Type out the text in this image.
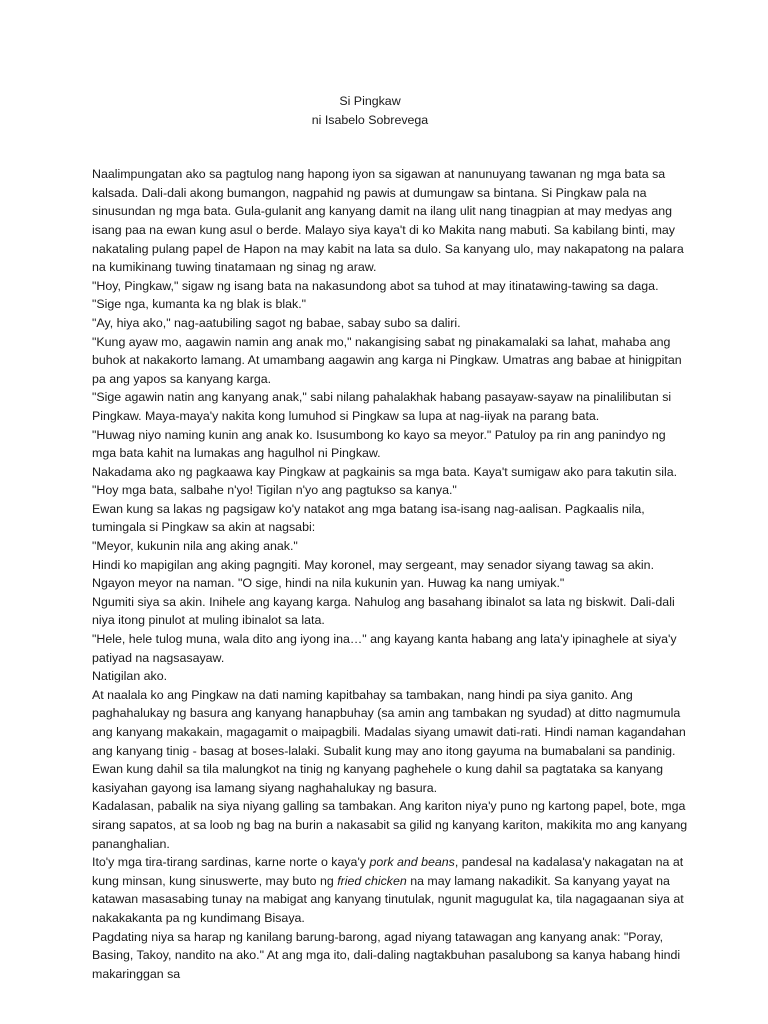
Si Pingkaw
ni Isabelo Sobrevega

Naalimpungatan ako sa pagtulog nang hapong iyon sa sigawan at nanunuyang tawanan ng mga bata sa kalsada. Dali-dali akong bumangon, nagpahid ng pawis at dumungaw sa bintana. Si Pingkaw pala na sinusundan ng mga bata. Gula-gulanit ang kanyang damit na ilang ulit nang tinagpian at may medyas ang isang paa na ewan kung asul o berde. Malayo siya kaya't di ko Makita nang mabuti. Sa kabilang binti, may nakataling pulang papel de Hapon na may kabit na lata sa dulo. Sa kanyang ulo, may nakapatong na palara na kumikinang tuwing tinatamaan ng sinag ng araw.

"Hoy, Pingkaw," sigaw ng isang bata na nakasundong abot sa tuhod at may itinatawing-tawing sa daga. "Sige nga, kumanta ka ng blak is blak."

"Ay, hiya ako," nag-aatubiling sagot ng babae, sabay subo sa daliri.

"Kung ayaw mo, aagawin namin ang anak mo," nakangising sabat ng pinakamalaki sa lahat, mahaba ang buhok at nakakorto lamang. At umambang aagawin ang karga ni Pingkaw. Umatras ang babae at hinigpitan pa ang yapos sa kanyang karga.

"Sige agawin natin ang kanyang anak," sabi nilang pahalakhak habang pasayaw-sayaw na pinalilibutan si Pingkaw. Maya-maya'y nakita kong lumuhod si Pingkaw sa lupa at nag-iiyak na parang bata.

"Huwag niyo naming kunin ang anak ko. Isusumbong ko kayo sa meyor." Patuloy pa rin ang panindyo ng mga bata kahit na lumakas ang hagulhol ni Pingkaw.

Nakadama ako ng pagkaawa kay Pingkaw at pagkainis sa mga bata. Kaya't sumigaw ako para takutin sila. "Hoy mga bata, salbahe n'yo! Tigilan n'yo ang pagtukso sa kanya."

Ewan kung sa lakas ng pagsigaw ko'y natakot ang mga batang isa-isang nag-aalisan. Pagkaalis nila, tumingala si Pingkaw sa akin at nagsabi:

"Meyor, kukunin nila ang aking anak."

Hindi ko mapigilan ang aking pagngiti. May koronel, may sergeant, may senador siyang tawag sa akin. Ngayon meyor na naman. "O sige, hindi na nila kukunin yan. Huwag ka nang umiyak."

Ngumiti siya sa akin. Inihele ang kayang karga. Nahulog ang basahang ibinalot sa lata ng biskwit. Dali-dali niya itong pinulot at muling ibinalot sa lata.

"Hele, hele tulog muna, wala dito ang iyong ina…" ang kayang kanta habang ang lata'y ipinaghele at siya'y patiyad na nagsasayaw.

Natigilan ako.

At naalala ko ang Pingkaw na dati naming kapitbahay sa tambakan, nang hindi pa siya ganito. Ang paghahalukay ng basura ang kanyang hanapbuhay (sa amin ang tambakan ng syudad) at ditto nagmumula ang kanyang makakain, magagamit o maipagbili. Madalas siyang umawit dati-rati. Hindi naman kagandahan ang kanyang tinig - basag at boses-lalaki. Subalit kung may ano itong gayuma na bumabalani sa pandinig. Ewan kung dahil sa tila malungkot na tinig ng kanyang paghehele o kung dahil sa pagtataka sa kanyang kasiyahan gayong isa lamang siyang naghahalukay ng basura.

Kadalasan, pabalik na siya niyang galling sa tambakan. Ang kariton niya'y puno ng kartong papel, bote, mga sirang sapatos, at sa loob ng bag na burin a nakasabit sa gilid ng kanyang kariton, makikita mo ang kanyang pananghalian.

Ito'y mga tira-tirang sardinas, karne norte o kaya'y pork and beans, pandesal na kadalasa'y nakagatan na at kung minsan, kung sinuswerte, may buto ng fried chicken na may lamang nakadikit. Sa kanyang yayat na katawan masasabing tunay na mabigat ang kanyang tinutulak, ngunit magugulat ka, tila nagagaanan siya at nakakakanta pa ng kundimang Bisaya.

Pagdating niya sa harap ng kanilang barung-barong, agad niyang tatawagan ang kanyang anak: "Poray, Basing, Takoy, nandito na ako." At ang mga ito, dali-daling nagtakbuhan pasalubong sa kanya habang hindi makaringgan sa
